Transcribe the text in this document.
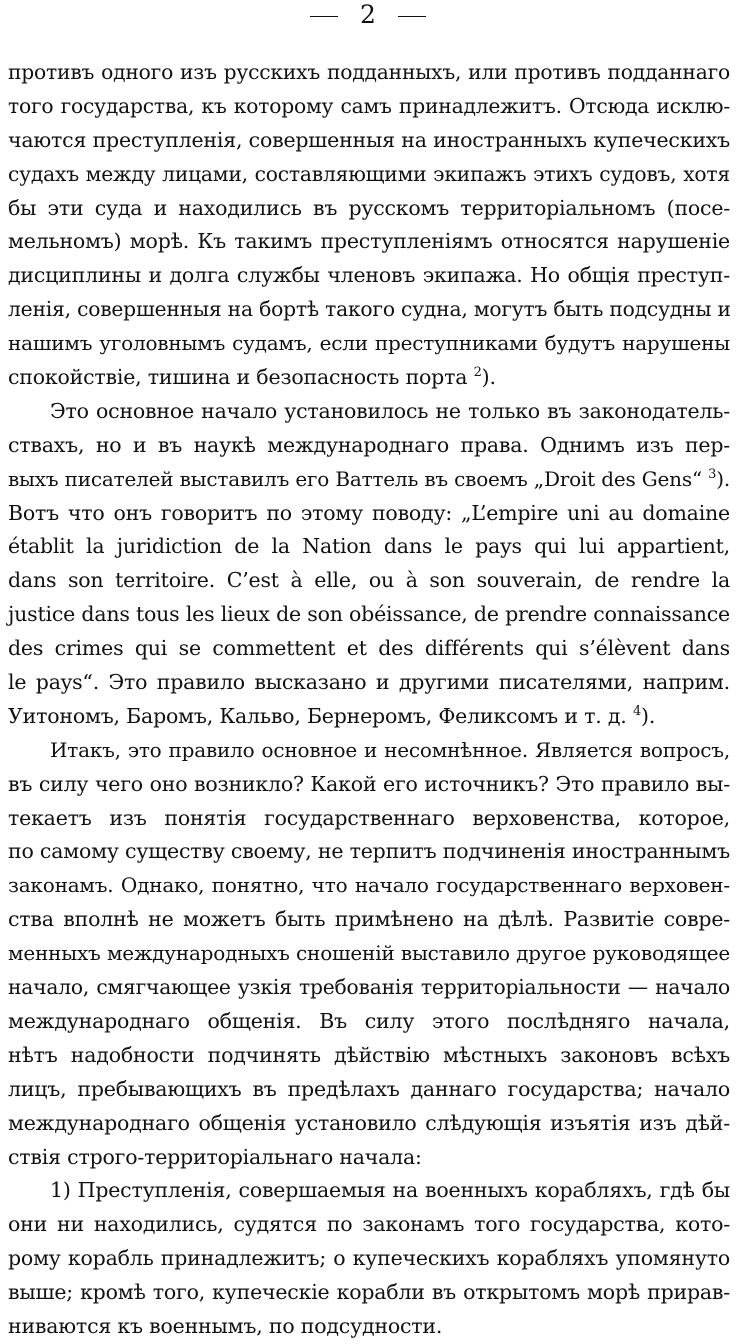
2
противъ одного изъ русскихъ подданныхъ, или противъ подданнаго
того государства, къ которому самъ принадлежитъ. Отсюда исклю-
чаются преступленія, совершенныя на иностранныхъ купеческихъ
судахъ между лицами, составляющими экипажъ этихъ судовъ, хотя
бы эти суда и находились въ русскомъ территоріальномъ (посе-
мельномъ) морѣ. Къ такимъ преступленіямъ относятся нарушеніе
дисциплины и долга службы членовъ экипажа. Но общія преступ-
ленія, совершенныя на бортѣ такого судна, могутъ быть подсудны и
нашимъ уголовнымъ судамъ, если преступниками будутъ нарушены
спокойствіе, тишина и безопасность порта $^2$).
Это основное начало установилось не только въ законодатель-
ствахъ, но и въ наукѣ международнаго права. Однимъ изъ пер-
выхъ писателей выставилъ его Ваттель въ своемъ „Droit des Gens“ $^3$).
Вотъ что онъ говоритъ по этому поводу: „L’empire uni au domaine
établit la juridiction de la Nation dans le pays qui lui appartient,
dans son territoire. C’est à elle, ou à son souverain, de rendre la
justice dans tous les lieux de son obéissance, de prendre connaissance
des crimes qui se commettent et des différents qui s’élèvent dans
le pays“. Это правило высказано и другими писателями, наприм.
Уитономъ, Баромъ, Кальво, Бернеромъ, Феликсомъ и т. д. $^4$).
Итакъ, это правило основное и несомнѣнное. Является вопросъ,
въ силу чего оно возникло? Какой его источникъ? Это правило вы-
текаетъ изъ понятія государственнаго верховенства, которое,
по самому существу своему, не терпитъ подчиненія иностраннымъ
законамъ. Однако, понятно, что начало государственнаго верховен-
ства вполнѣ не можетъ быть примѣнено на дѣлѣ. Развитіе совре-
менныхъ международныхъ сношеній выставило другое руководящее
начало, смягчающее узкія требованія территоріальности — начало
международнаго общенія. Въ силу этого послѣдняго начала,
нѣтъ надобности подчинять дѣйствію мѣстныхъ законовъ всѣхъ
лицъ, пребывающихъ въ предѣлахъ даннаго государства; начало
международнаго общенія установило слѣдующія изъятія изъ дѣй-
ствія строго-территоріальнаго начала:
1) Преступленія, совершаемыя на военныхъ корабляхъ, гдѣ бы
они ни находились, судятся по законамъ того государства, кото-
рому корабль принадлежитъ; о купеческихъ корабляхъ упомянуто
выше; кромѣ того, купеческіе корабли въ открытомъ морѣ прирав-
ниваются къ военнымъ, по подсудности.
